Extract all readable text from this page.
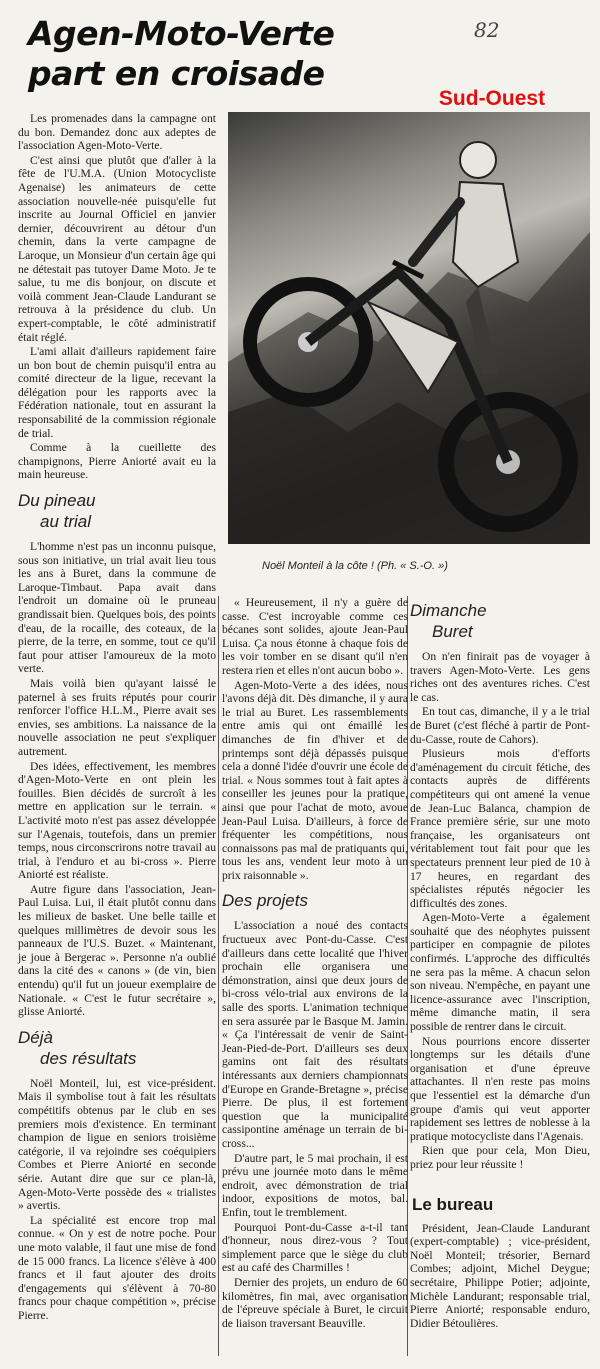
Agen-Moto-Verte
part en croisade
82
Sud-Ouest
Noël Monteil à la côte ! (Ph. « S.-O. »)

Les promenades dans la campagne ont du bon. Demandez donc aux adeptes de l'association Agen-Moto-Verte.

C'est ainsi que plutôt que d'aller à la fête de l'U.M.A. (Union Motocycliste Agenaise) les animateurs de cette association nouvelle-née puisqu'elle fut inscrite au Journal Officiel en janvier dernier, découvrirent au détour d'un chemin, dans la verte campagne de Laroque, un Monsieur d'un certain âge qui ne détestait pas tutoyer Dame Moto. Je te salue, tu me dis bonjour, on discute et voilà comment Jean-Claude Landurant se retrouva à la présidence du club. Un expert-comptable, le côté administratif était réglé.

L'ami allait d'ailleurs rapidement faire un bon bout de chemin puisqu'il entra au comité directeur de la ligue, recevant la délégation pour les rapports avec la Fédération nationale, tout en assurant la responsabilité de la commission régionale de trial.

Comme à la cueillette des champignons, Pierre Aniorté avait eu la main heureuse.

Du pineau
au trial

L'homme n'est pas un inconnu puisque, sous son initiative, un trial avait lieu tous les ans à Buret, dans la commune de Laroque-Timbaut. Papa avait dans l'endroit un domaine où le pruneau grandissait bien. Quelques bois, des points d'eau, de la rocaille, des coteaux, de la pierre, de la terre, en somme, tout ce qu'il faut pour attiser l'amoureux de la moto verte.

Mais voilà bien qu'ayant laissé le paternel à ses fruits réputés pour courir renforcer l'office H.L.M., Pierre avait ses envies, ses ambitions. La naissance de la nouvelle association ne peut s'expliquer autrement.

Des idées, effectivement, les membres d'Agen-Moto-Verte en ont plein les fouilles. Bien décidés de surcroît à les mettre en application sur le terrain. « L'activité moto n'est pas assez développée sur l'Agenais, toutefois, dans un premier temps, nous circonscrirons notre travail au trial, à l'enduro et au bi-cross ». Pierre Aniorté est réaliste.

Autre figure dans l'association, Jean-Paul Luisa. Lui, il était plutôt connu dans les milieux de basket. Une belle taille et quelques millimètres de devoir sous les panneaux de l'U.S. Buzet. « Maintenant, je joue à Bergerac ». Personne n'a oublié dans la cité des « canons » (de vin, bien entendu) qu'il fut un joueur exemplaire de Nationale. « C'est le futur secrétaire », glisse Aniorté.

Déjà
des résultats

Noël Monteil, lui, est vice-président. Mais il symbolise tout à fait les résultats compétitifs obtenus par le club en ses premiers mois d'existence. En terminant champion de ligue en seniors troisième catégorie, il va rejoindre ses coéquipiers Combes et Pierre Aniorté en seconde série. Autant dire que sur ce plan-là, Agen-Moto-Verte possède des « trialistes » avertis.

La spécialité est encore trop mal connue. « On y est de notre poche. Pour une moto valable, il faut une mise de fond de 15 000 francs. La licence s'élève à 400 francs et il faut ajouter des droits d'engagements qui s'élèvent à 70-80 francs pour chaque compétition », précise Pierre.

« Heureusement, il n'y a guère de casse. C'est incroyable comme ces bécanes sont solides, ajoute Jean-Paul Luisa. Ça nous étonne à chaque fois de les voir tomber en se disant qu'il n'en restera rien et elles n'ont aucun bobo ».

Agen-Moto-Verte a des idées, nous l'avons déjà dit. Dès dimanche, il y aura le trial au Buret. Les rassemblements entre amis qui ont émaillé les dimanches de fin d'hiver et de printemps sont déjà dépassés puisque cela a donné l'idée d'ouvrir une école de trial. « Nous sommes tout à fait aptes à conseiller les jeunes pour la pratique, ainsi que pour l'achat de moto, avoue Jean-Paul Luisa. D'ailleurs, à force de fréquenter les compétitions, nous connaissons pas mal de pratiquants qui, tous les ans, vendent leur moto à un prix raisonnable ».

Des projets

L'association a noué des contacts fructueux avec Pont-du-Casse. C'est d'ailleurs dans cette localité que l'hiver prochain elle organisera une démonstration, ainsi que deux jours de bi-cross vélo-trial aux environs de la salle des sports. L'animation technique en sera assurée par le Basque M. Jamin. « Ça l'intéressait de venir de Saint-Jean-Pied-de-Port. D'ailleurs ses deux gamins ont fait des résultats intéressants aux derniers championnats d'Europe en Grande-Bretagne », précise Pierre. De plus, il est fortement question que la municipalité cassipontine aménage un terrain de bi-cross...

D'autre part, le 5 mai prochain, il est prévu une journée moto dans le même endroit, avec démonstration de trial indoor, expositions de motos, bal. Enfin, tout le tremblement.

Pourquoi Pont-du-Casse a-t-il tant d'honneur, nous direz-vous ? Tout simplement parce que le siège du club est au café des Charmilles !

Dernier des projets, un enduro de 60 kilomètres, fin mai, avec organisation de l'épreuve spéciale à Buret, le circuit de liaison traversant Beauville.

Dimanche
Buret

On n'en finirait pas de voyager à travers Agen-Moto-Verte. Les gens riches ont des aventures riches. C'est le cas.

En tout cas, dimanche, il y a le trial de Buret (c'est fléché à partir de Pont-du-Casse, route de Cahors).

Plusieurs mois d'efforts d'aménagement du circuit fétiche, des contacts auprès de différents compétiteurs qui ont amené la venue de Jean-Luc Balanca, champion de France première série, sur une moto française, les organisateurs ont véritablement tout fait pour que les spectateurs prennent leur pied de 10 à 17 heures, en regardant des spécialistes réputés négocier les difficultés des zones.

Agen-Moto-Verte a également souhaité que des néophytes puissent participer en compagnie de pilotes confirmés. L'approche des difficultés ne sera pas la même. A chacun selon son niveau. N'empêche, en payant une licence-assurance avec l'inscription, même dimanche matin, il sera possible de rentrer dans le circuit.

Nous pourrions encore disserter longtemps sur les détails d'une organisation et d'une épreuve attachantes. Il n'en reste pas moins que l'essentiel est la démarche d'un groupe d'amis qui veut apporter rapidement ses lettres de noblesse à la pratique motocycliste dans l'Agenais.

Rien que pour cela, Mon Dieu, priez pour leur réussite !

Le bureau

Président, Jean-Claude Landurant (expert-comptable) ; vice-président, Noël Monteil; trésorier, Bernard Combes; adjoint, Michel Deygue; secrétaire, Philippe Potier; adjointe, Michèle Landurant; responsable trial, Pierre Aniorté; responsable enduro, Didier Bétoulières.
